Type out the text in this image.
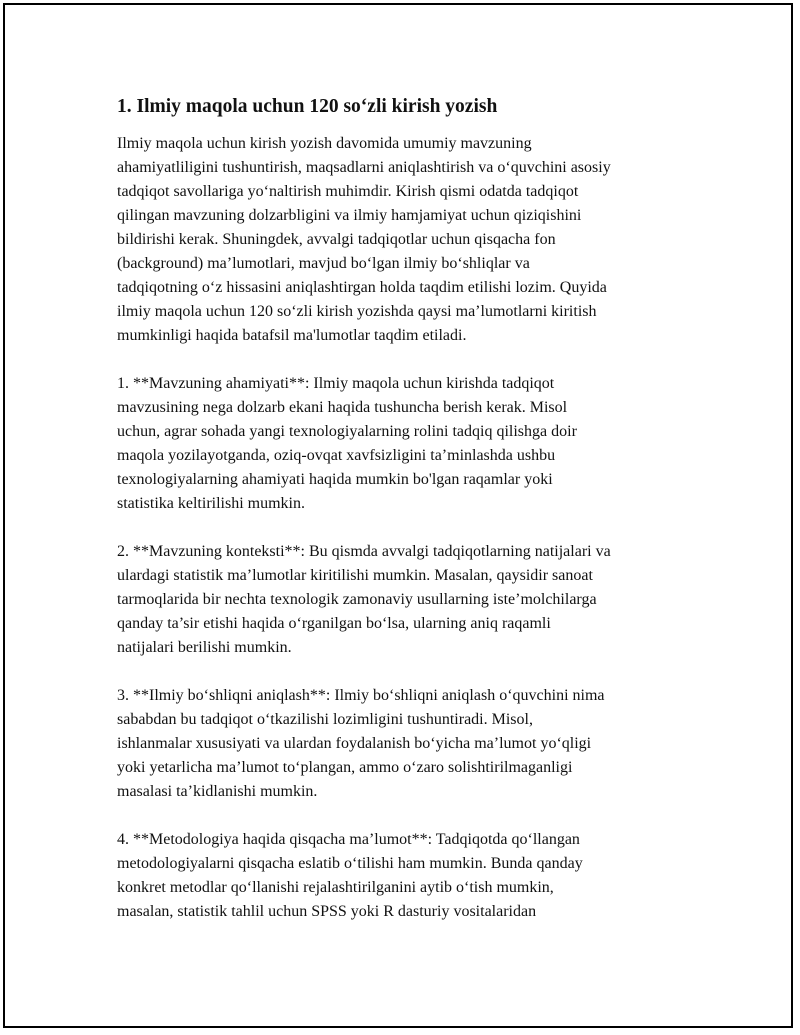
1. Ilmiy maqola uchun 120 so‘zli kirish yozish

Ilmiy maqola uchun kirish yozish davomida umumiy mavzuning
ahamiyatliligini tushuntirish, maqsadlarni aniqlashtirish va o‘quvchini asosiy
tadqiqot savollariga yo‘naltirish muhimdir. Kirish qismi odatda tadqiqot
qilingan mavzuning dolzarbligini va ilmiy hamjamiyat uchun qiziqishini
bildirishi kerak. Shuningdek, avvalgi tadqiqotlar uchun qisqacha fon
(background) ma’lumotlari, mavjud bo‘lgan ilmiy bo‘shliqlar va
tadqiqotning o‘z hissasini aniqlashtirgan holda taqdim etilishi lozim. Quyida
ilmiy maqola uchun 120 so‘zli kirish yozishda qaysi ma’lumotlarni kiritish
mumkinligi haqida batafsil ma'lumotlar taqdim etiladi.

1. **Mavzuning ahamiyati**: Ilmiy maqola uchun kirishda tadqiqot
mavzusining nega dolzarb ekani haqida tushuncha berish kerak. Misol
uchun, agrar sohada yangi texnologiyalarning rolini tadqiq qilishga doir
maqola yozilayotganda, oziq-ovqat xavfsizligini ta’minlashda ushbu
texnologiyalarning ahamiyati haqida mumkin bo'lgan raqamlar yoki
statistika keltirilishi mumkin.

2. **Mavzuning konteksti**: Bu qismda avvalgi tadqiqotlarning natijalari va
ulardagi statistik ma’lumotlar kiritilishi mumkin. Masalan, qaysidir sanoat
tarmoqlarida bir nechta texnologik zamonaviy usullarning iste’molchilarga
qanday ta’sir etishi haqida o‘rganilgan bo‘lsa, ularning aniq raqamli
natijalari berilishi mumkin.

3. **Ilmiy bo‘shliqni aniqlash**: Ilmiy bo‘shliqni aniqlash o‘quvchini nima
sababdan bu tadqiqot o‘tkazilishi lozimligini tushuntiradi. Misol,
ishlanmalar xususiyati va ulardan foydalanish bo‘yicha ma’lumot yo‘qligi
yoki yetarlicha ma’lumot to‘plangan, ammo o‘zaro solishtirilmaganligi
masalasi ta’kidlanishi mumkin.

4. **Metodologiya haqida qisqacha ma’lumot**: Tadqiqotda qo‘llangan
metodologiyalarni qisqacha eslatib o‘tilishi ham mumkin. Bunda qanday
konkret metodlar qo‘llanishi rejalashtirilganini aytib o‘tish mumkin,
masalan, statistik tahlil uchun SPSS yoki R dasturiy vositalaridan
